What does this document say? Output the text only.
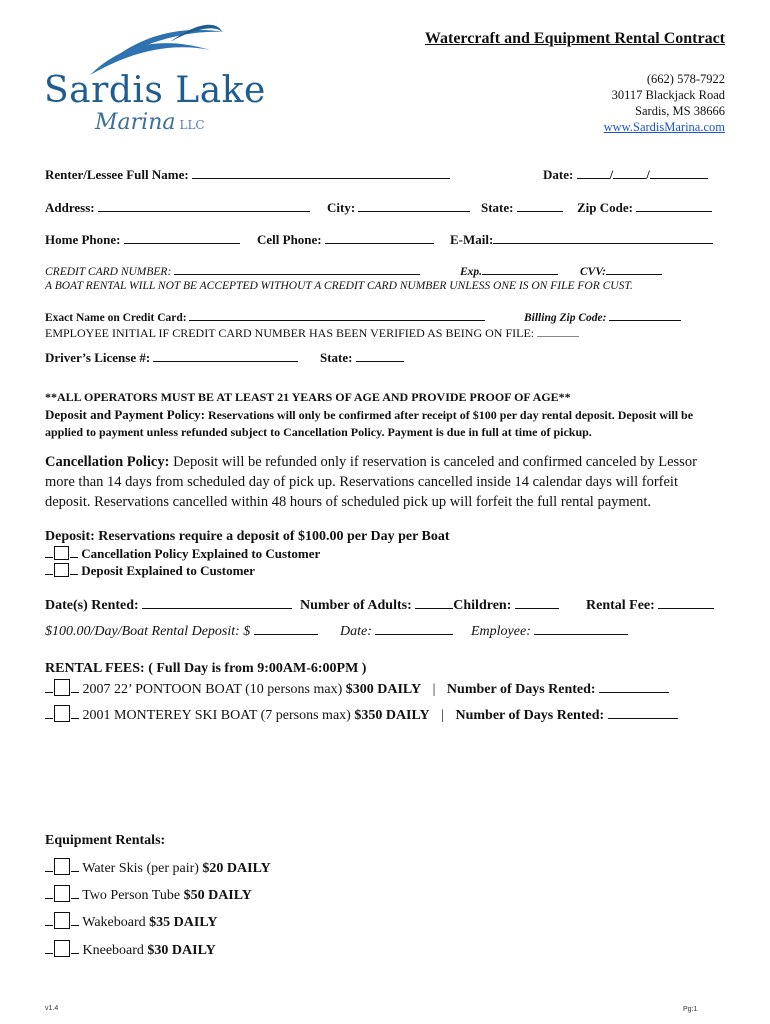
Sardis Lake
Marina LLC
Watercraft and Equipment Rental Contract
(662) 578-7922
30117 Blackjack Road
Sardis, MS 38666
www.SardisMarina.com
Renter/Lessee Full Name:	Date:	/	/
Address:	City:	State:	Zip Code:
Home Phone:	Cell Phone:	E-Mail:
CREDIT CARD NUMBER:	Exp.	CVV:
A BOAT RENTAL WILL NOT BE ACCEPTED WITHOUT A CREDIT CARD NUMBER UNLESS ONE IS ON FILE FOR CUST.
Exact Name on Credit Card:	Billing Zip Code:
EMPLOYEE INITIAL IF CREDIT CARD NUMBER HAS BEEN VERIFIED AS BEING ON FILE:
Driver’s License #:	State:
**ALL OPERATORS MUST BE AT LEAST 21 YEARS OF AGE AND PROVIDE PROOF OF AGE**
Deposit and Payment Policy: Reservations will only be confirmed after receipt of $100 per day rental deposit. Deposit will be applied to payment unless refunded subject to Cancellation Policy. Payment is due in full at time of pickup.
Cancellation Policy: Deposit will be refunded only if reservation is canceled and confirmed canceled by Lessor more than 14 days from scheduled day of pick up. Reservations cancelled inside 14 calendar days will forfeit deposit. Reservations cancelled within 48 hours of scheduled pick up will forfeit the full rental payment.
Deposit: Reservations require a deposit of $100.00 per Day per Boat
Cancellation Policy Explained to Customer
Deposit Explained to Customer
Date(s) Rented:	Number of Adults:	Children:	Rental Fee:
$100.00/Day/Boat Rental Deposit: $	Date:	Employee:
RENTAL FEES: ( Full Day is from 9:00AM-6:00PM )
2007 22’ PONTOON BOAT (10 persons max) $300 DAILY | Number of Days Rented:
2001 MONTEREY SKI BOAT (7 persons max) $350 DAILY | Number of Days Rented:
Equipment Rentals:
Water Skis (per pair) $20 DAILY
Two Person Tube $50 DAILY
Wakeboard $35 DAILY
Kneeboard $30 DAILY
v1.4	Pg:1
